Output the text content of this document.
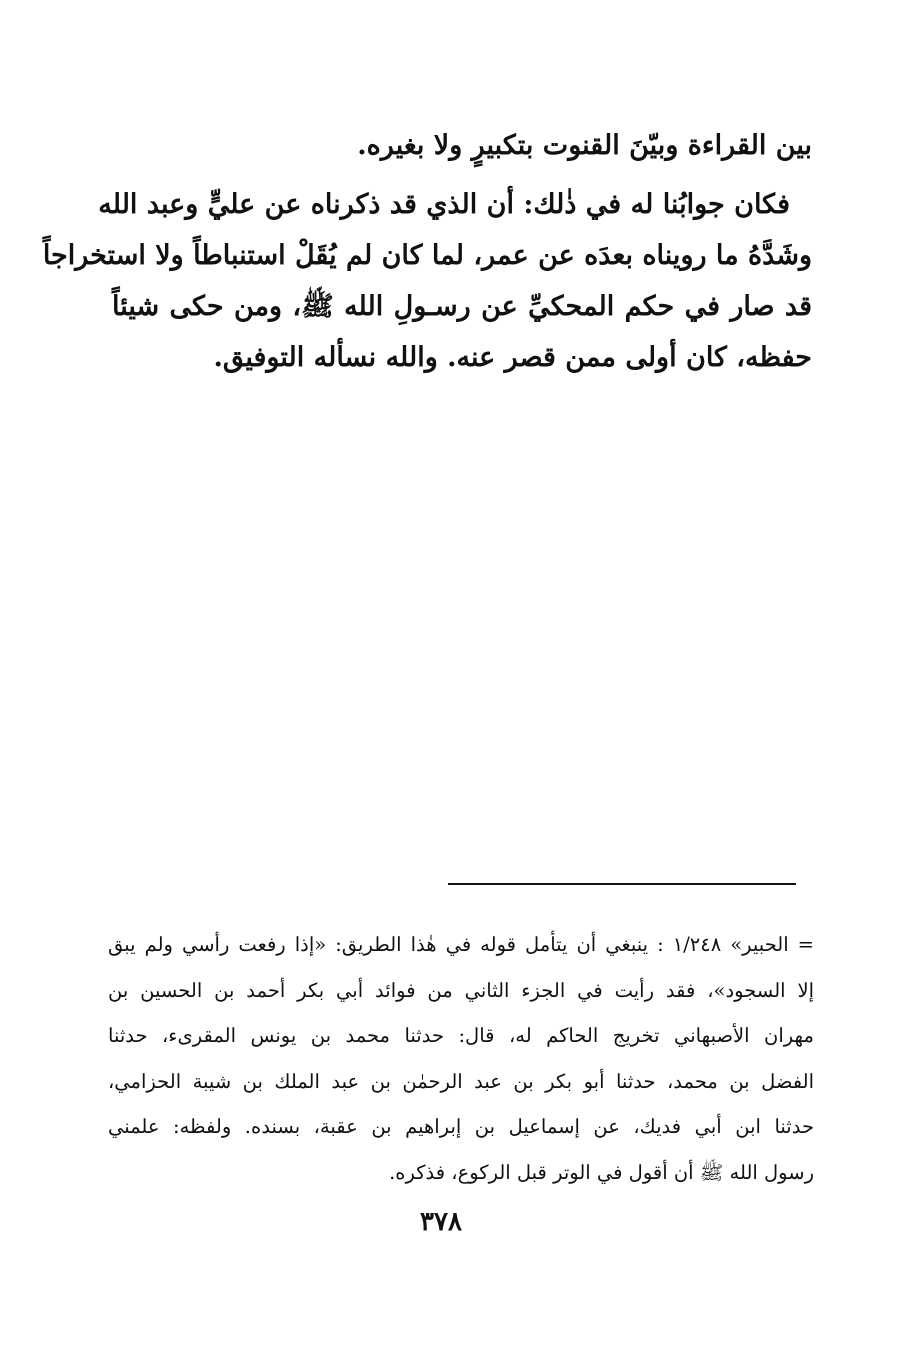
بين القراءة وبيّنَ القنوت بتكبيرٍ ولا بغيره.
فكان جوابُنا له في ذٰلك: أن الذي قد ذكرناه عن عليٍّ وعبد الله
وشَدَّهُ ما رويناه بعدَه عن عمر، لما كان لم يُقَلْ استنباطاً ولا استخراجاً
قد صار في حكم المحكيِّ عن رسـولِ الله ﷺ، ومن حكى شيئاً
حفظه، كان أولى ممن قصر عنه. والله نسأله التوفيق.
= الحبير» ١/٢٤٨ : ينبغي أن يتأمل قوله في هٰذا الطريق: «إذا رفعت رأسي ولم يبق
إلا السجود»، فقد رأيت في الجزء الثاني من فوائد أبي بكر أحمد بن الحسين بن
مهران الأصبهاني تخريج الحاكم له، قال: حدثنا محمد بن يونس المقرىء، حدثنا
الفضل بن محمد، حدثنا أبو بكر بن عبد الرحمٰن بن عبد الملك بن شيبة الحزامي،
حدثنا ابن أبي فديك، عن إسماعيل بن إبراهيم بن عقبة، بسنده. ولفظه: علمني
رسول الله ﷺ أن أقول في الوتر قبل الركوع، فذكره.
٣٧٨
